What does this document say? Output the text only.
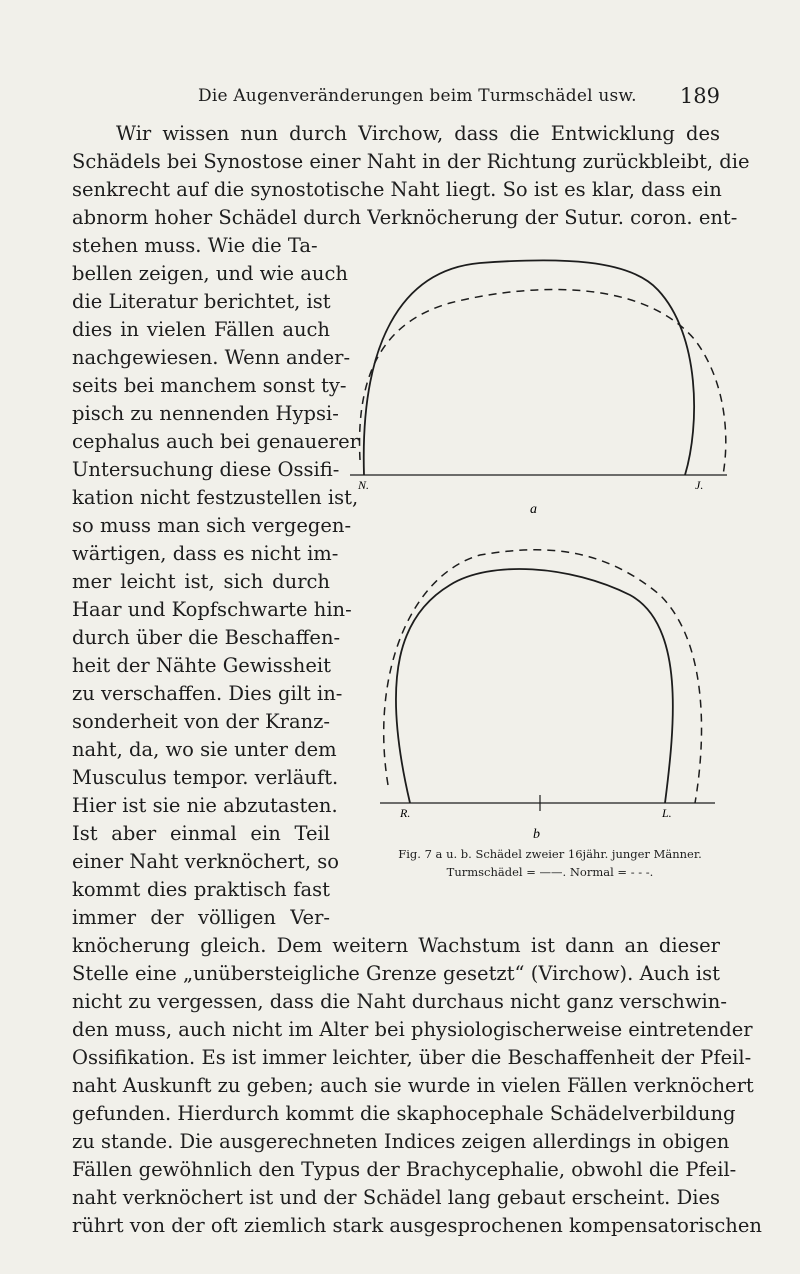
Die Augenveränderungen beim Turmschädel usw. 189
Wir wissen nun durch Virchow, dass die Entwicklung des
Schädels bei Synostose einer Naht in der Richtung zurückbleibt, die
senkrecht auf die synostotische Naht liegt. So ist es klar, dass ein
abnorm hoher Schädel durch Verknöcherung der Sutur. coron. ent-
stehen muss. Wie die Ta-
bellen zeigen, und wie auch
die Literatur berichtet, ist
dies in vielen Fällen auch
nachgewiesen. Wenn ander-
seits bei manchem sonst ty-
pisch zu nennenden Hypsi-
cephalus auch bei genauerer
Untersuchung diese Ossifi-
kation nicht festzustellen ist,
so muss man sich vergegen-
wärtigen, dass es nicht im-
mer leicht ist, sich durch
Haar und Kopfschwarte hin-
durch über die Beschaffen-
heit der Nähte Gewissheit
zu verschaffen. Dies gilt in-
sonderheit von der Kranz-
naht, da, wo sie unter dem
Musculus tempor. verläuft.
Hier ist sie nie abzutasten.
Ist aber einmal ein Teil
einer Naht verknöchert, so
kommt dies praktisch fast
immer der völligen Ver-
knöcherung gleich. Dem weitern Wachstum ist dann an dieser
Stelle eine „unübersteigliche Grenze gesetzt“ (Virchow). Auch ist
nicht zu vergessen, dass die Naht durchaus nicht ganz verschwin-
den muss, auch nicht im Alter bei physiologischerweise eintretender
Ossifikation. Es ist immer leichter, über die Beschaffenheit der Pfeil-
naht Auskunft zu geben; auch sie wurde in vielen Fällen verknöchert
gefunden. Hierdurch kommt die skaphocephale Schädelverbildung
zu stande. Die ausgerechneten Indices zeigen allerdings in obigen
Fällen gewöhnlich den Typus der Brachycephalie, obwohl die Pfeil-
naht verknöchert ist und der Schädel lang gebaut erscheint. Dies
rührt von der oft ziemlich stark ausgesprochenen kompensatorischen
N.	J.
a
R.	L.
b
Fig. 7 a u. b. Schädel zweier 16jähr. junger Männer.
Turmschädel = ——. Normal = - - -.
